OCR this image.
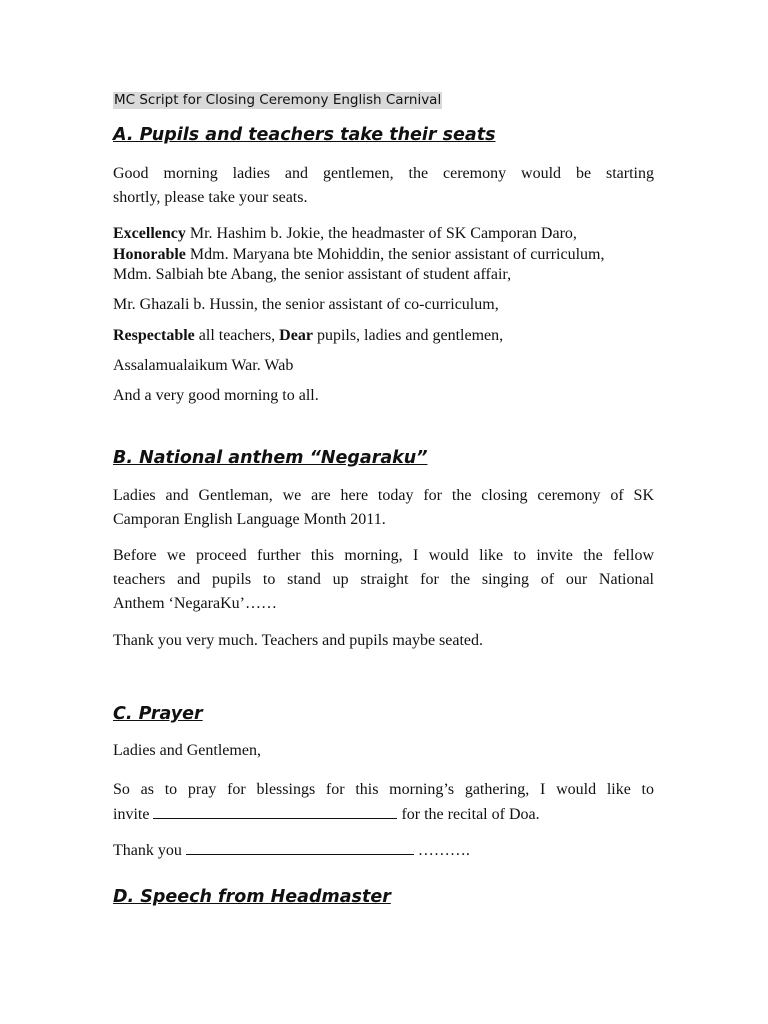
MC Script for Closing Ceremony English Carnival
A. Pupils and teachers take their seats
Good morning ladies and gentlemen, the ceremony would be starting
shortly, please take your seats.
Excellency Mr. Hashim b. Jokie, the headmaster of SK Camporan Daro,
Honorable Mdm. Maryana bte Mohiddin, the senior assistant of curriculum,
Mdm. Salbiah bte Abang, the senior assistant of student affair,
Mr. Ghazali b. Hussin, the senior assistant of co-curriculum,
Respectable all teachers, Dear pupils, ladies and gentlemen,
Assalamualaikum War. Wab
And a very good morning to all.
B. National anthem “Negaraku”
Ladies and Gentleman, we are here today for the closing ceremony of SK
Camporan English Language Month 2011.
Before we proceed further this morning, I would like to invite the fellow
teachers and pupils to stand up straight for the singing of our National
Anthem ‘NegaraKu’……
Thank you very much. Teachers and pupils maybe seated.
C. Prayer
Ladies and Gentlemen,
So as to pray for blessings for this morning’s gathering, I would like to
invite	for the recital of Doa.
Thank you	……….
D. Speech from Headmaster
